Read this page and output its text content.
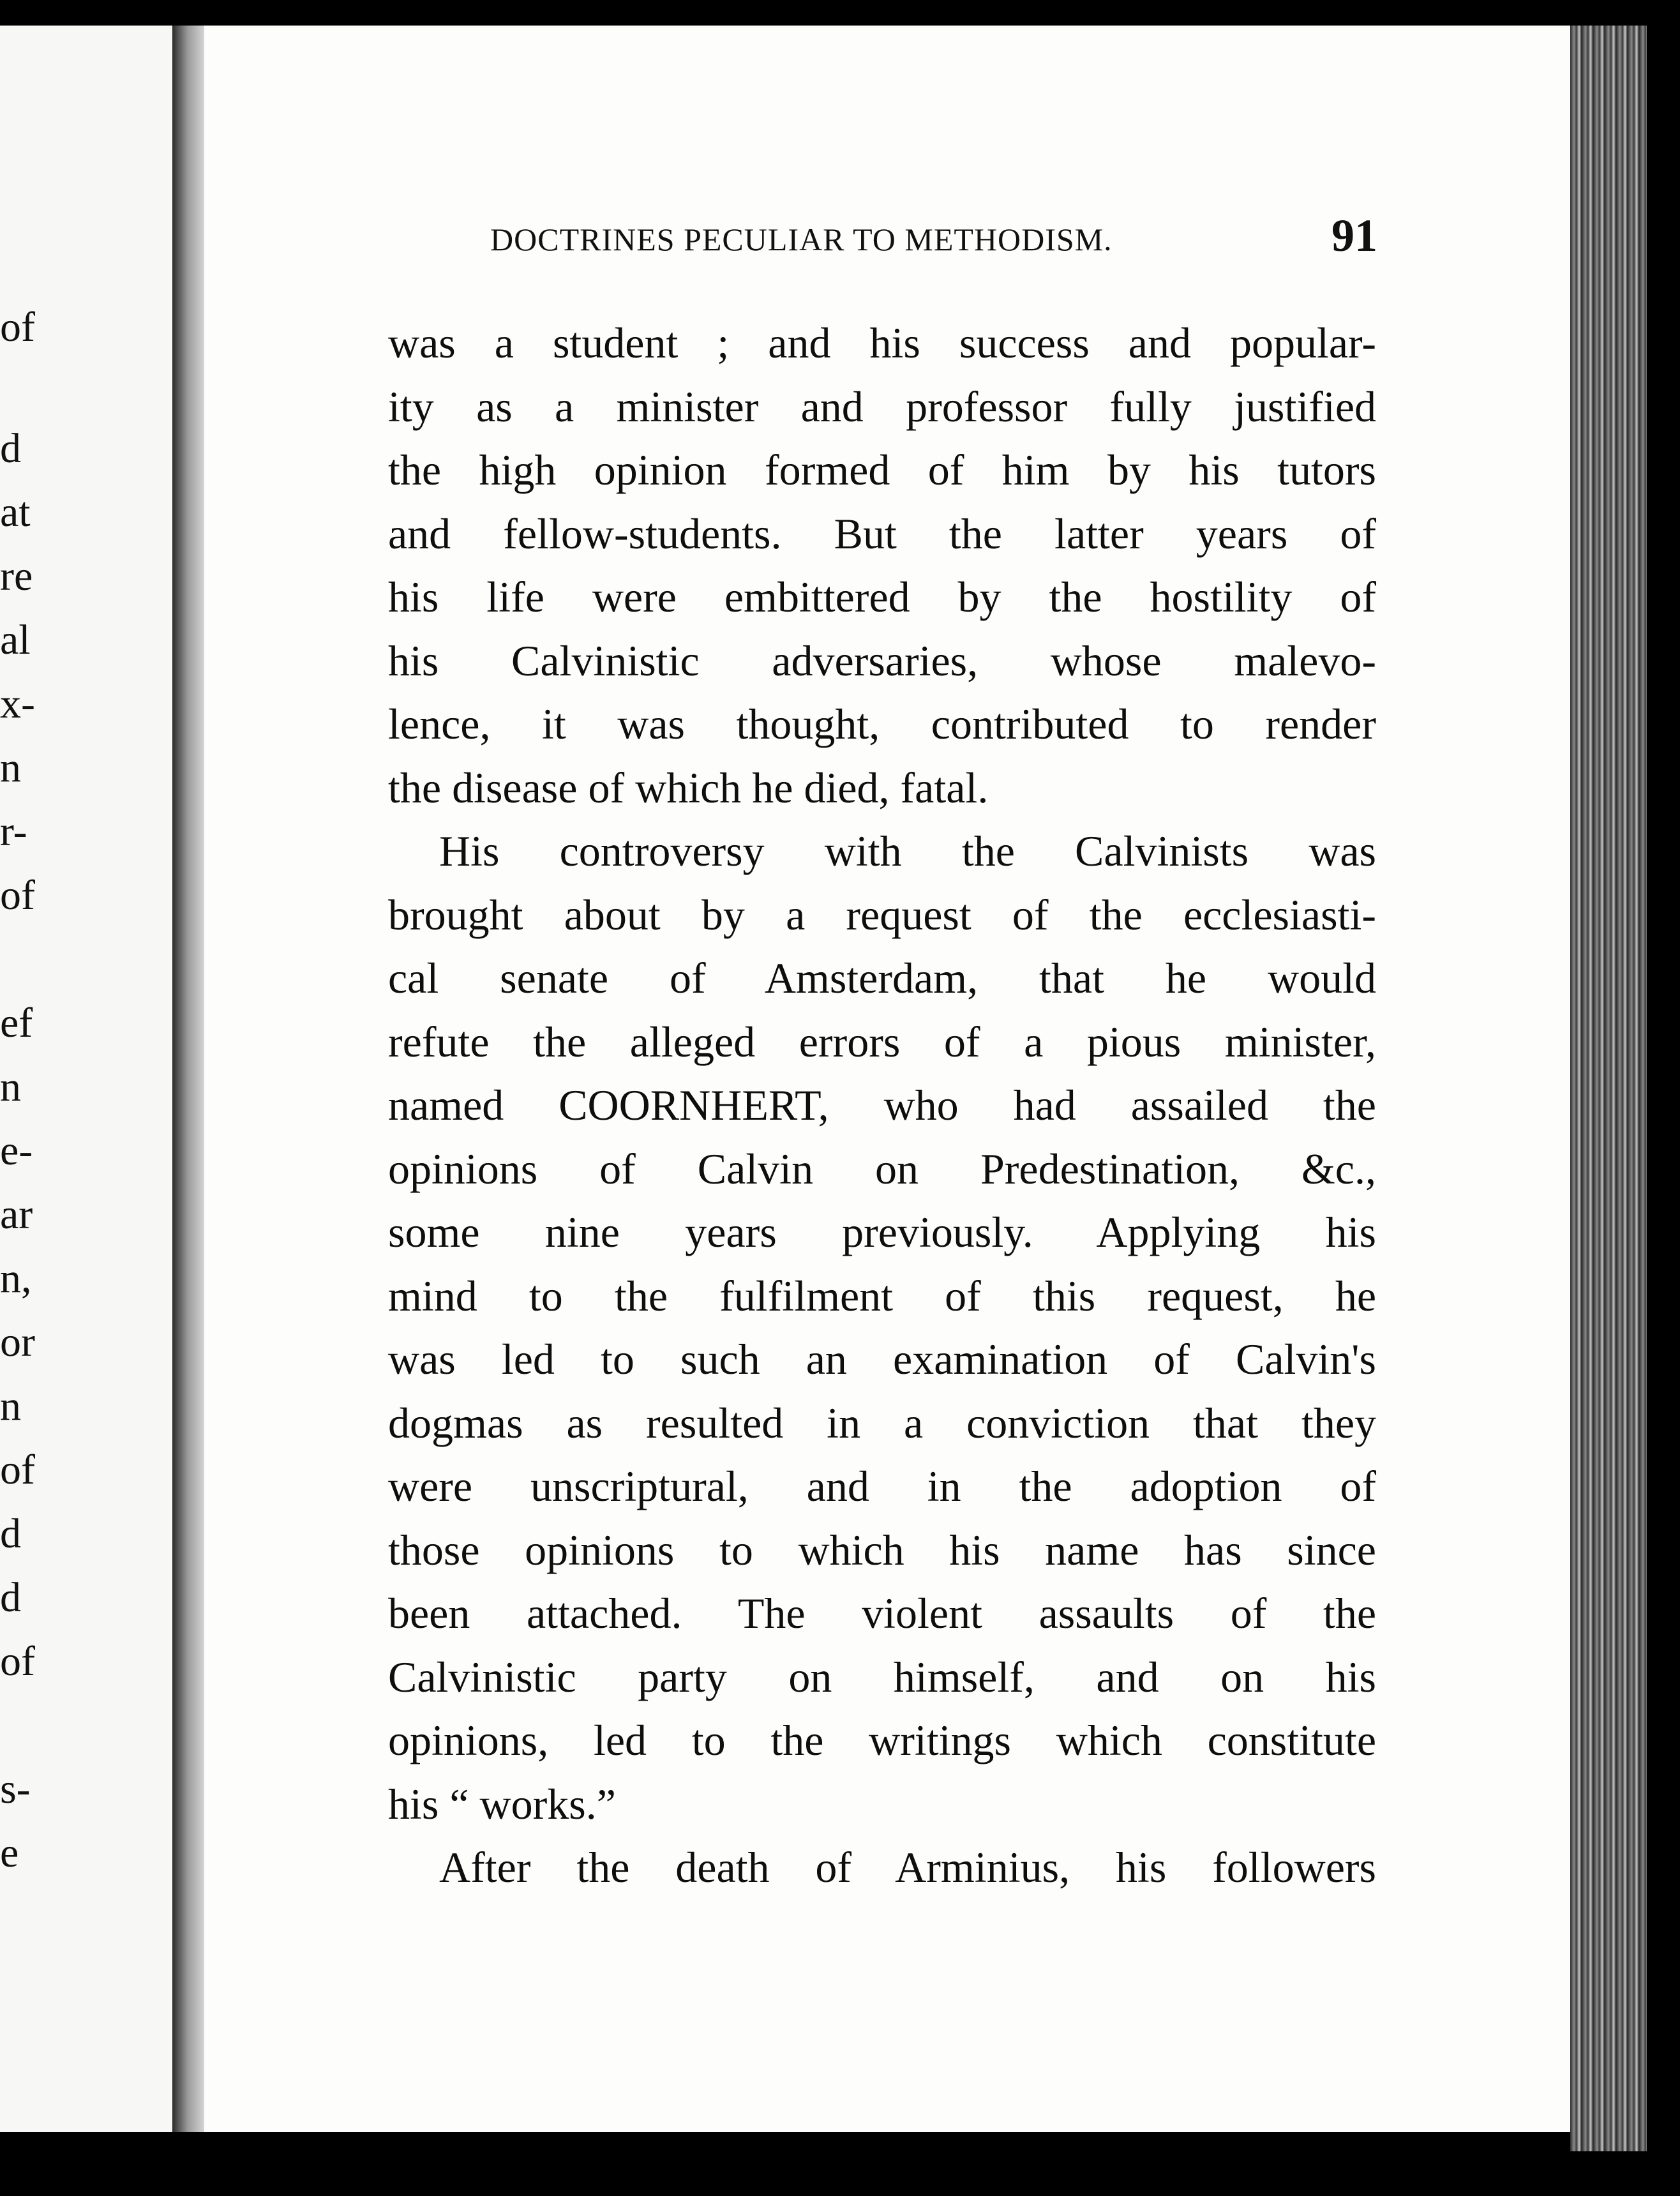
of
d
at
re
al
x-
n
r-
of
ef
n
e-
ar
n,
or
n
of
d
d
of
s-
e
DOCTRINES PECULIAR TO METHODISM.	91
was a student ; and his success and popular-
ity as a minister and professor fully justified
the high opinion formed of him by his tutors
and fellow-students. But the latter years of
his life were embittered by the hostility of
his Calvinistic adversaries, whose malevo-
lence, it was thought, contributed to render
the disease of which he died, fatal.
His controversy with the Calvinists was
brought about by a request of the ecclesiasti-
cal senate of Amsterdam, that he would
refute the alleged errors of a pious minister,
named COORNHERT, who had assailed the
opinions of Calvin on Predestination, &c.,
some nine years previously. Applying his
mind to the fulfilment of this request, he
was led to such an examination of Calvin's
dogmas as resulted in a conviction that they
were unscriptural, and in the adoption of
those opinions to which his name has since
been attached. The violent assaults of the
Calvinistic party on himself, and on his
opinions, led to the writings which constitute
his “ works.”
After the death of Arminius, his followers
